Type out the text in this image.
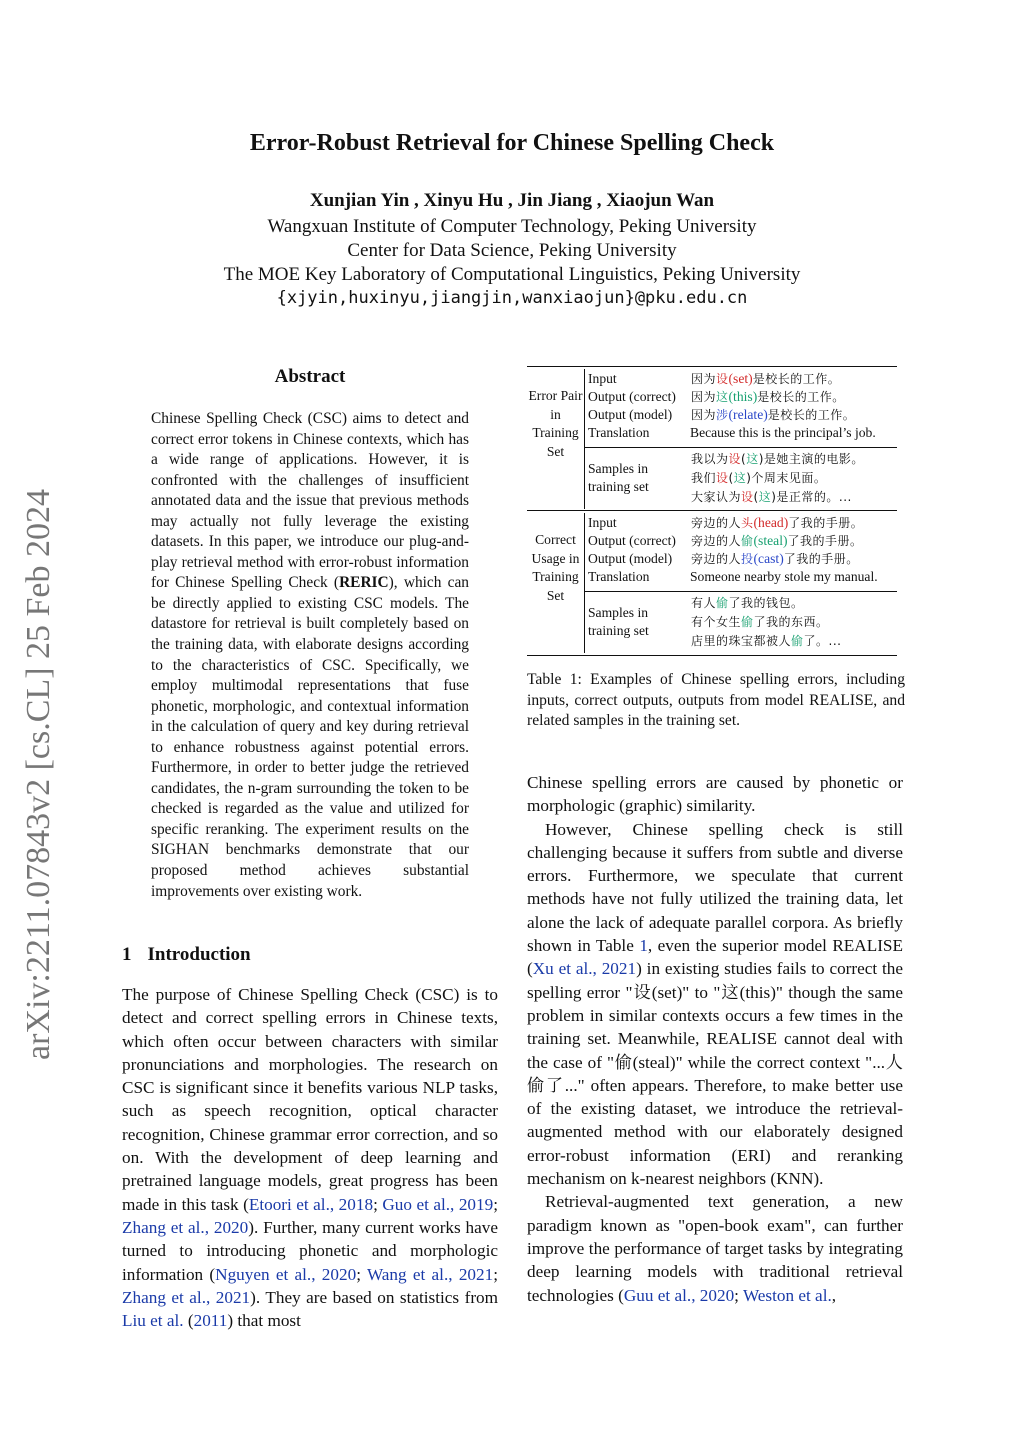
arXiv:2211.07843v2 [cs.CL] 25 Feb 2024
Error-Robust Retrieval for Chinese Spelling Check
Xunjian Yin , Xinyu Hu , Jin Jiang , Xiaojun Wan
Wangxuan Institute of Computer Technology, Peking University
Center for Data Science, Peking University
The MOE Key Laboratory of Computational Linguistics, Peking University
{xjyin,huxinyu,jiangjin,wanxiaojun}@pku.edu.cn
Abstract
Chinese Spelling Check (CSC) aims to detect and correct error tokens in Chinese contexts, which has a wide range of applications. However, it is confronted with the challenges of insufficient annotated data and the issue that previous methods may actually not fully leverage the existing datasets. In this paper, we introduce our plug-and-play retrieval method with error-robust information for Chinese Spelling Check (RERIC), which can be directly applied to existing CSC models. The datastore for retrieval is built completely based on the training data, with elaborate designs according to the characteristics of CSC. Specifically, we employ multimodal representations that fuse phonetic, morphologic, and contextual information in the calculation of query and key during retrieval to enhance robustness against potential errors. Furthermore, in order to better judge the retrieved candidates, the n-gram surrounding the token to be checked is regarded as the value and utilized for specific reranking. The experiment results on the SIGHAN benchmarks demonstrate that our proposed method achieves substantial improvements over existing work.
1 Introduction

The purpose of Chinese Spelling Check (CSC) is to detect and correct spelling errors in Chinese texts, which often occur between characters with similar pronunciations and morphologies. The research on CSC is significant since it benefits various NLP tasks, such as speech recognition, optical character recognition, Chinese grammar error correction, and so on. With the development of deep learning and pretrained language models, great progress has been made in this task (Etoori et al., 2018; Guo et al., 2019; Zhang et al., 2020). Further, many current works have turned to introducing phonetic and morphologic information (Nguyen et al., 2020; Wang et al., 2021; Zhang et al., 2021). They are based on statistics from Liu et al. (2011) that most

Chinese spelling errors are caused by phonetic or morphologic (graphic) similarity.

However, Chinese spelling check is still challenging because it suffers from subtle and diverse errors. Furthermore, we speculate that current methods have not fully utilized the training data, let alone the lack of adequate parallel corpora. As briefly shown in Table 1, even the superior model REALISE (Xu et al., 2021) in existing studies fails to correct the spelling error "设(set)" to "这(this)" though the same problem in similar contexts occurs a few times in the training set. Meanwhile, REALISE cannot deal with the case of "偷(steal)" while the correct context "...人偷了..." often appears. Therefore, to make better use of the existing dataset, we introduce the retrieval-augmented method with our elaborately designed error-robust information (ERI) and reranking mechanism on k-nearest neighbors (KNN).

Retrieval-augmented text generation, a new paradigm known as "open-book exam", can further improve the performance of target tasks by integrating deep learning models with traditional retrieval technologies (Guu et al., 2020; Weston et al.,

Error Pair in Training Set
Correct Usage in Training Set
Input	因为设(set)是校长的工作。
Output (correct) 因为这(this)是校长的工作。
Output (model) 因为涉(relate)是校长的工作。
Translation	Because this is the principal’s job.
Samples in training set
我以为设(这)是她主演的电影。
我们设(这)个周末见面。
大家认为设(这)是正常的。...
Input	旁边的人头(head)了我的手册。
Output (correct) 旁边的人偷(steal)了我的手册。
Output (model) 旁边的人投(cast)了我的手册。
Translation	Someone nearby stole my manual.
Samples in training set
有人偷了我的钱包。
有个女生偷了我的东西。
店里的珠宝都被人偷了。...
Table 1: Examples of Chinese spelling errors, including inputs, correct outputs, outputs from model REALISE, and related samples in the training set.
